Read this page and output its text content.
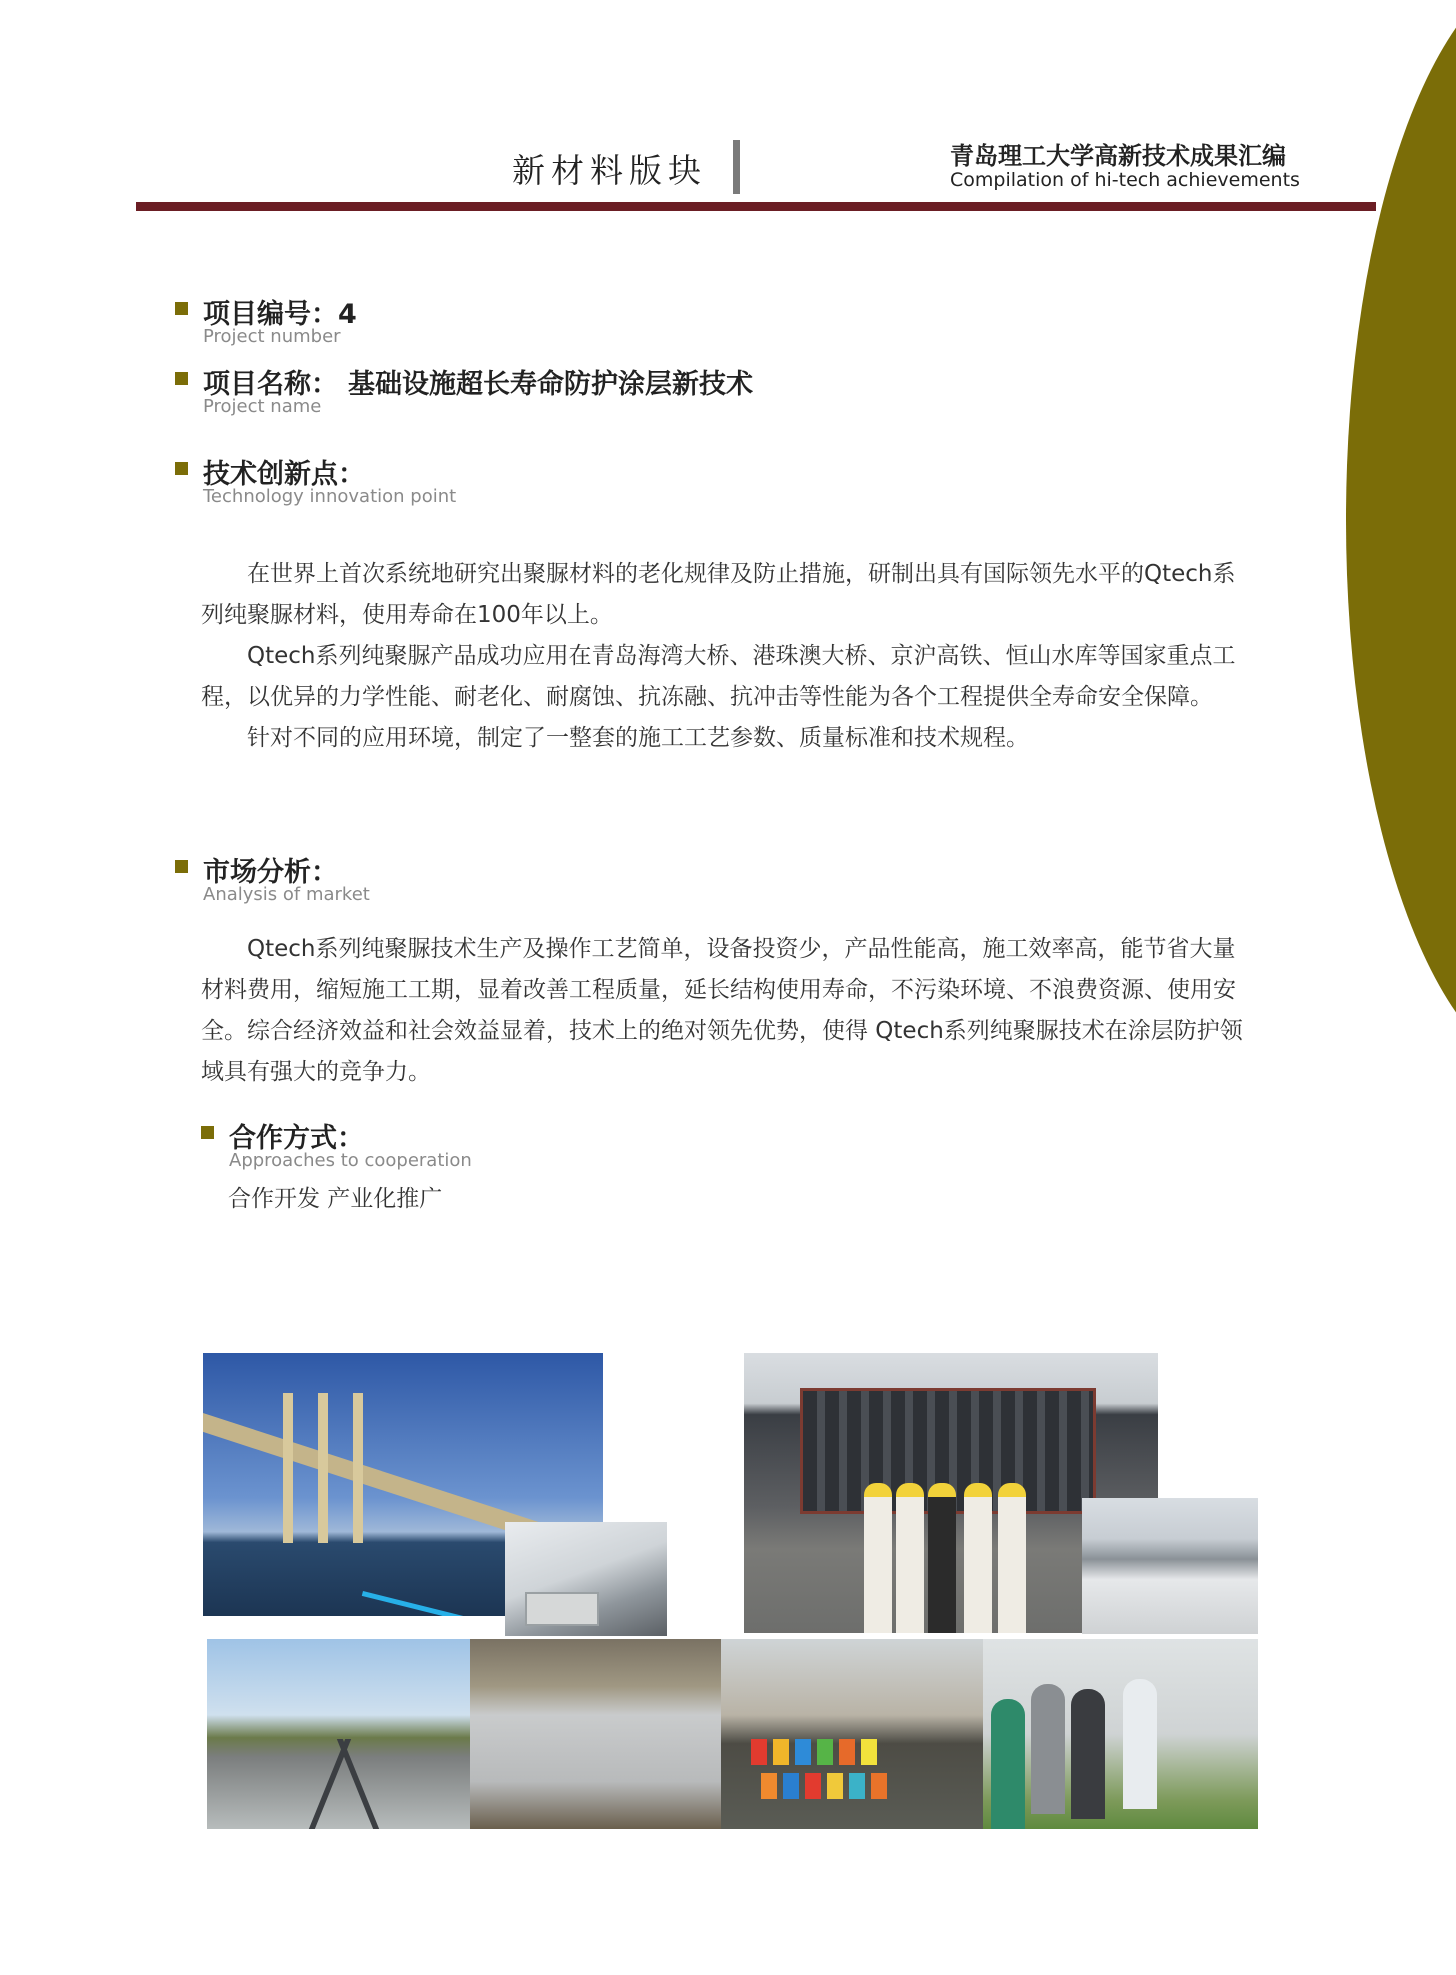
新材料版块	青岛理工大学高新技术成果汇编
Compilation of hi-tech achievements
项目编号：4
Project number
项目名称： 基础设施超长寿命防护涂层新技术
Project name
技术创新点：
Technology innovation point

在世界上首次系统地研究出聚脲材料的老化规律及防止措施，研制出具有国际领先水平的Qtech系列纯聚脲材料，使用寿命在100年以上。

Qtech系列纯聚脲产品成功应用在青岛海湾大桥、港珠澳大桥、京沪高铁、恒山水库等国家重点工程，以优异的力学性能、耐老化、耐腐蚀、抗冻融、抗冲击等性能为各个工程提供全寿命安全保障。

针对不同的应用环境，制定了一整套的施工工艺参数、质量标准和技术规程。

市场分析：
Analysis of market

Qtech系列纯聚脲技术生产及操作工艺简单，设备投资少，产品性能高，施工效率高，能节省大量材料费用，缩短施工工期，显着改善工程质量，延长结构使用寿命，不污染环境、不浪费资源、使用安全。综合经济效益和社会效益显着，技术上的绝对领先优势，使得 Qtech系列纯聚脲技术在涂层防护领域具有强大的竞争力。

合作方式：
Approaches to cooperation
合作开发 产业化推广
